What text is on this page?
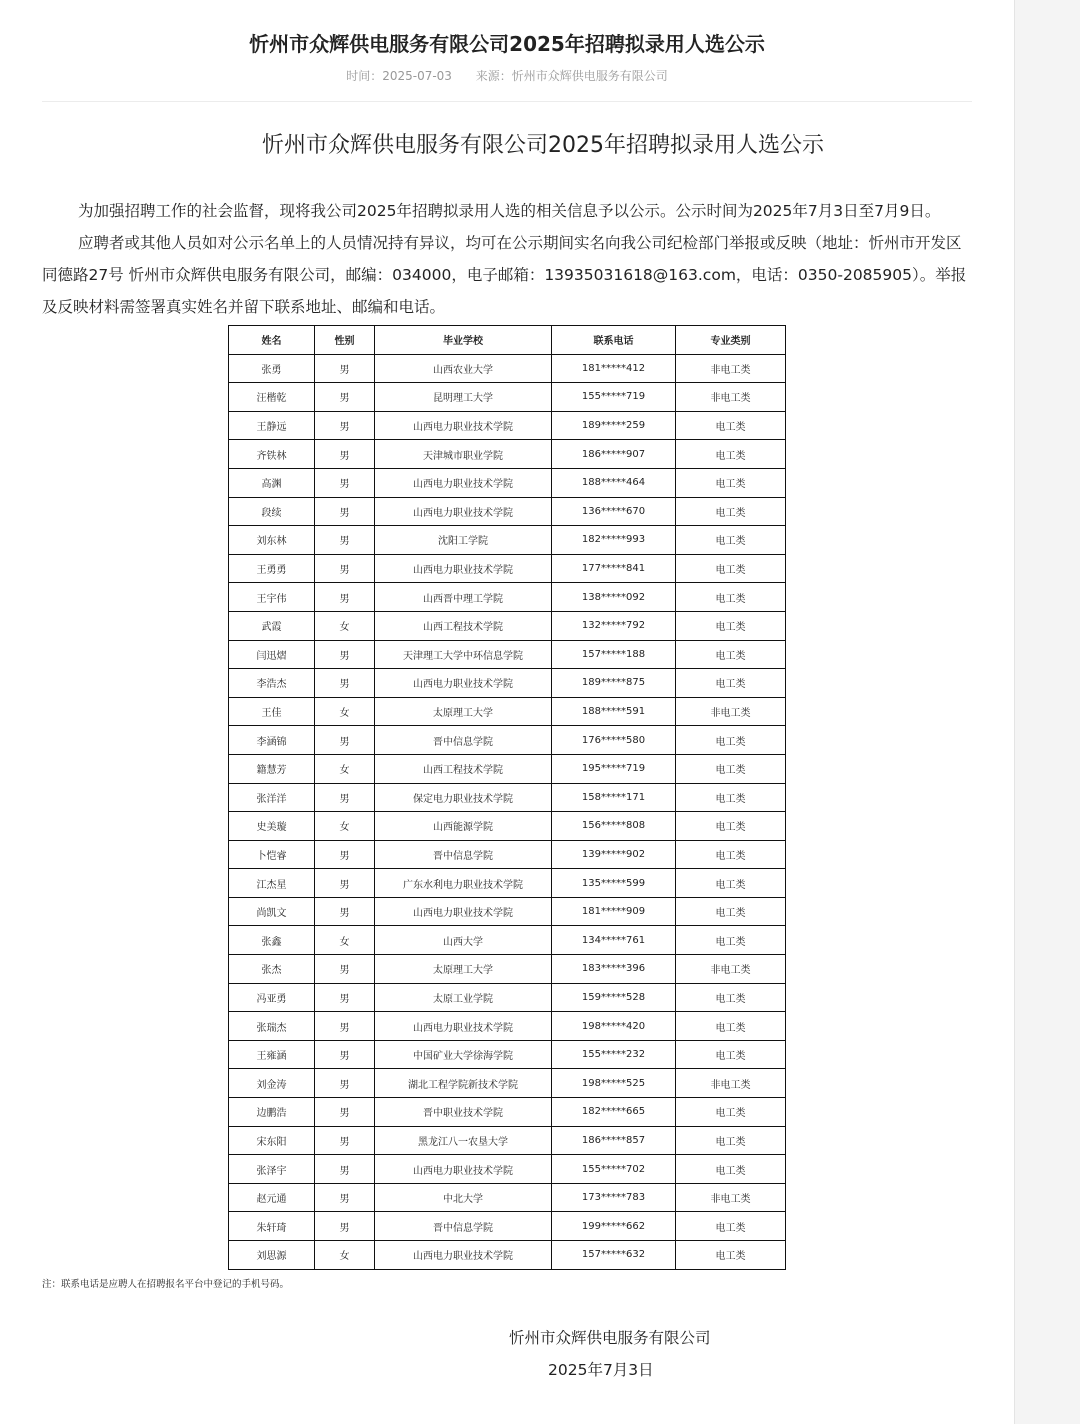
忻州市众辉供电服务有限公司2025年招聘拟录用人选公示
时间：2025-07-03 来源：忻州市众辉供电服务有限公司
忻州市众辉供电服务有限公司2025年招聘拟录用人选公示
为加强招聘工作的社会监督，现将我公司2025年招聘拟录用人选的相关信息予以公示。公示时间为2025年7月3日至7月9日。
应聘者或其他人员如对公示名单上的人员情况持有异议，均可在公示期间实名向我公司纪检部门举报或反映（地址：忻州市开发区同德路27号 忻州市众辉供电服务有限公司，邮编：034000，电子邮箱：13935031618@163.com，电话：0350-2085905）。举报及反映材料需签署真实姓名并留下联系地址、邮编和电话。
姓名	性别	毕业学校	联系电话	专业类别
张勇	男	山西农业大学	181*****412	非电工类
汪楷乾	男	昆明理工大学	155*****719	非电工类
王静远	男	山西电力职业技术学院	189*****259	电工类
齐铁林	男	天津城市职业学院	186*****907	电工类
高渊	男	山西电力职业技术学院	188*****464	电工类
段续	男	山西电力职业技术学院	136*****670	电工类
刘东林	男	沈阳工学院	182*****993	电工类
王勇勇	男	山西电力职业技术学院	177*****841	电工类
王宇伟	男	山西晋中理工学院	138*****092	电工类
武霞	女	山西工程技术学院	132*****792	电工类
闫迅熠	男	天津理工大学中环信息学院	157*****188	电工类
李浩杰	男	山西电力职业技术学院	189*****875	电工类
王佳	女	太原理工大学	188*****591	非电工类
李涵锦	男	晋中信息学院	176*****580	电工类
籍慧芳	女	山西工程技术学院	195*****719	电工类
张洋洋	男	保定电力职业技术学院	158*****171	电工类
史美璇	女	山西能源学院	156*****808	电工类
卜恺睿	男	晋中信息学院	139*****902	电工类
江杰星	男	广东水利电力职业技术学院	135*****599	电工类
尚凯文	男	山西电力职业技术学院	181*****909	电工类
张鑫	女	山西大学	134*****761	电工类
张杰	男	太原理工大学	183*****396	非电工类
冯亚勇	男	太原工业学院	159*****528	电工类
张瑞杰	男	山西电力职业技术学院	198*****420	电工类
王雍涵	男	中国矿业大学徐海学院	155*****232	电工类
刘金涛	男	湖北工程学院新技术学院	198*****525	非电工类
边鹏浩	男	晋中职业技术学院	182*****665	电工类
宋东阳	男	黑龙江八一农垦大学	186*****857	电工类
张泽宇	男	山西电力职业技术学院	155*****702	电工类
赵元通	男	中北大学	173*****783	非电工类
朱轩琦	男	晋中信息学院	199*****662	电工类
刘思源	女	山西电力职业技术学院	157*****632	电工类
注：联系电话是应聘人在招聘报名平台中登记的手机号码。
忻州市众辉供电服务有限公司
2025年7月3日
